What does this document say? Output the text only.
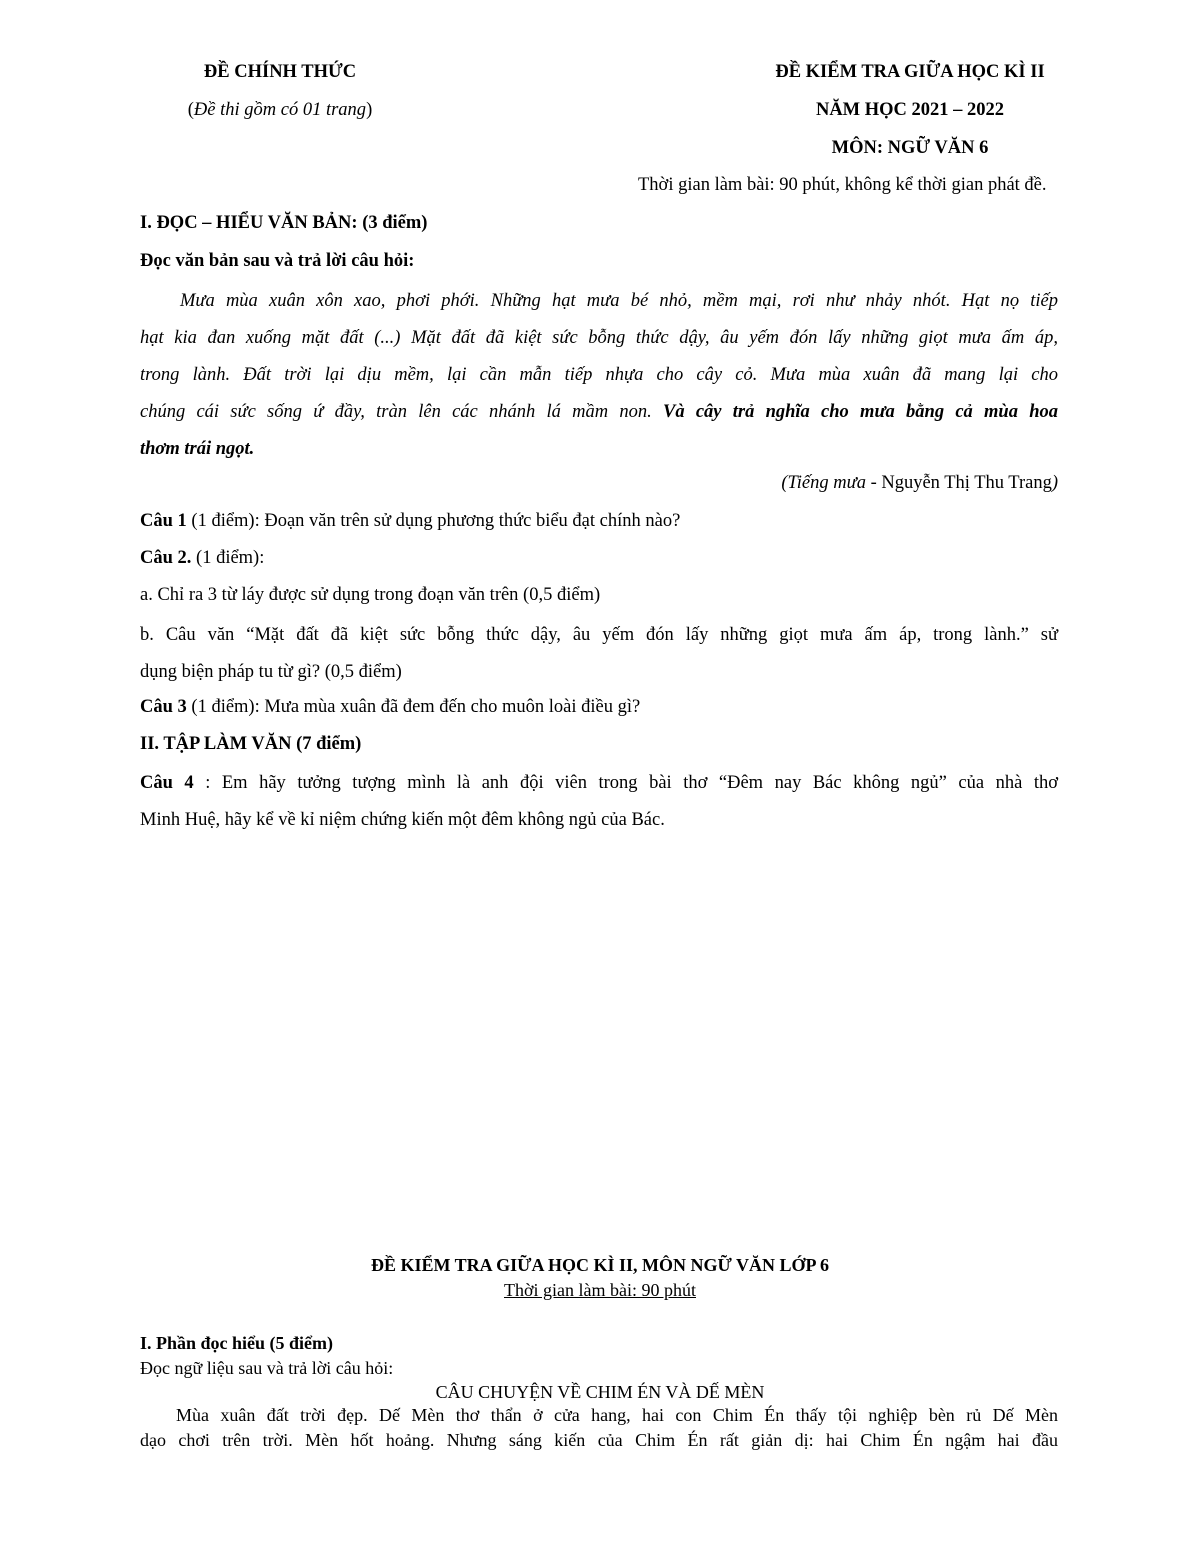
ĐỀ CHÍNH THỨC
(Đề thi gồm có 01 trang)
ĐỀ KIỂM TRA GIỮA HỌC KÌ II
NĂM HỌC 2021 – 2022
MÔN: NGỮ VĂN 6
Thời gian làm bài: 90 phút, không kể thời gian phát đề.
I. ĐỌC – HIỂU VĂN BẢN: (3 điểm)
Đọc văn bản sau và trả lời câu hỏi:
Mưa mùa xuân xôn xao, phơi phới. Những hạt mưa bé nhỏ, mềm mại, rơi như nhảy nhót. Hạt nọ tiếp
hạt kia đan xuống mặt đất (...) Mặt đất đã kiệt sức bỗng thức dậy, âu yếm đón lấy những giọt mưa ấm áp,
trong lành. Đất trời lại dịu mềm, lại cần mẫn tiếp nhựa cho cây cỏ. Mưa mùa xuân đã mang lại cho
chúng cái sức sống ứ đầy, tràn lên các nhánh lá mầm non. Và cây trả nghĩa cho mưa bằng cả mùa hoa
thơm trái ngọt.
(Tiếng mưa - Nguyễn Thị Thu Trang)
Câu 1 (1 điểm): Đoạn văn trên sử dụng phương thức biểu đạt chính nào?
Câu 2. (1 điểm):
a. Chỉ ra 3 từ láy được sử dụng trong đoạn văn trên (0,5 điểm)
b. Câu văn “Mặt đất đã kiệt sức bỗng thức dậy, âu yếm đón lấy những giọt mưa ấm áp, trong lành.” sử
dụng biện pháp tu từ gì? (0,5 điểm)
Câu 3 (1 điểm): Mưa mùa xuân đã đem đến cho muôn loài điều gì?
II. TẬP LÀM VĂN (7 điểm)
Câu 4 : Em hãy tưởng tượng mình là anh đội viên trong bài thơ “Đêm nay Bác không ngủ” của nhà thơ
Minh Huệ, hãy kể về kỉ niệm chứng kiến một đêm không ngủ của Bác.
ĐỀ KIỂM TRA GIỮA HỌC KÌ II, MÔN NGỮ VĂN LỚP 6
Thời gian làm bài: 90 phút
I. Phần đọc hiểu (5 điểm)
Đọc ngữ liệu sau và trả lời câu hỏi:
CÂU CHUYỆN VỀ CHIM ÉN VÀ DẾ MÈN
Mùa xuân đất trời đẹp. Dế Mèn thơ thẩn ở cửa hang, hai con Chim Én thấy tội nghiệp bèn rủ Dế Mèn
dạo chơi trên trời. Mèn hốt hoảng. Nhưng sáng kiến của Chim Én rất giản dị: hai Chim Én ngậm hai đầu
